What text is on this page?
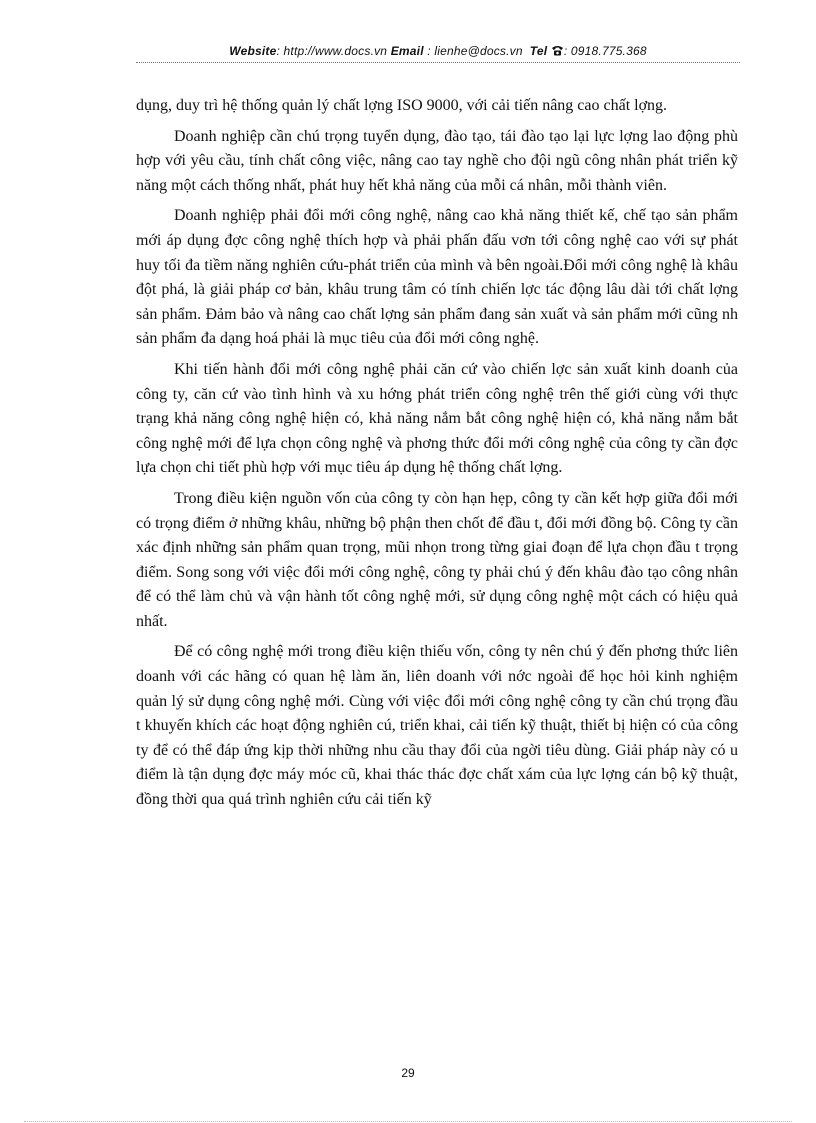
Website: http://www.docs.vn Email : lienhe@docs.vn  Tel : 0918.775.368

dụng, duy trì hệ thống quản lý chất lợng ISO 9000, với cải tiến nâng cao chất lợng.

Doanh nghiệp cần chú trọng tuyển dụng, đào tạo, tái đào tạo lại lực lợng lao động phù hợp với yêu cầu, tính chất công việc, nâng cao tay nghề cho đội ngũ công nhân phát triển kỹ năng một cách thống nhất, phát huy hết khả năng của mỗi cá nhân, mỗi thành viên.

Doanh nghiệp phải đổi mới công nghệ, nâng cao khả năng thiết kế, chế tạo sản phẩm mới áp dụng đợc công nghệ thích hợp và phải phấn đấu vơn tới công nghệ cao với sự phát huy tối đa tiềm năng nghiên cứu-phát triển của mình và bên ngoài.Đổi mới công nghệ là khâu đột phá, là giải pháp cơ bản, khâu trung tâm có tính chiến lợc tác động lâu dài tới chất lợng sản phẩm. Đảm bảo và nâng cao chất lợng sản phẩm đang sản xuất và sản phẩm mới cũng nh sản phẩm đa dạng hoá phải là mục tiêu của đổi mới công nghệ.

Khi tiến hành đổi mới công nghệ phải căn cứ vào chiến lợc sản xuất kinh doanh của công ty, căn cứ vào tình hình và xu hớng phát triển công nghệ trên thế giới cùng với thực trạng khả năng công nghệ hiện có, khả năng nắm bắt công nghệ hiện có, khả năng nắm bắt công nghệ mới để lựa chọn công nghệ và phơng thức đổi mới công nghệ của công ty cần đợc lựa chọn chi tiết phù hợp với mục tiêu áp dụng hệ thống chất lợng.

Trong điều kiện nguồn vốn của công ty còn hạn hẹp, công ty cần kết hợp giữa đổi mới có trọng điểm ở những khâu, những bộ phận then chốt để đầu t, đổi mới đồng bộ. Công ty cần xác định những sản phẩm quan trọng, mũi nhọn trong từng giai đoạn để lựa chọn đầu t trọng điểm. Song song với việc đổi mới công nghệ, công ty phải chú ý đến khâu đào tạo công nhân để có thể làm chủ và vận hành tốt công nghệ mới, sử dụng công nghệ một cách có hiệu quả nhất.

Để có công nghệ mới trong điều kiện thiếu vốn, công ty nên chú ý đến phơng thức liên doanh với các hãng có quan hệ làm ăn, liên doanh với nớc ngoài để học hỏi kinh nghiệm quản lý sử dụng công nghệ mới. Cùng với việc đổi mới công nghệ công ty cần chú trọng đầu t khuyến khích các hoạt động nghiên cú, triển khai, cải tiến kỹ thuật, thiết bị hiện có của công ty để có thể đáp ứng kịp thời những nhu cầu thay đổi của ngời tiêu dùng. Giải pháp này có u điểm là tận dụng đợc máy móc cũ, khai thác thác đợc chất xám của lực lợng cán bộ kỹ thuật, đồng thời qua quá trình nghiên cứu cải tiến kỹ

29
